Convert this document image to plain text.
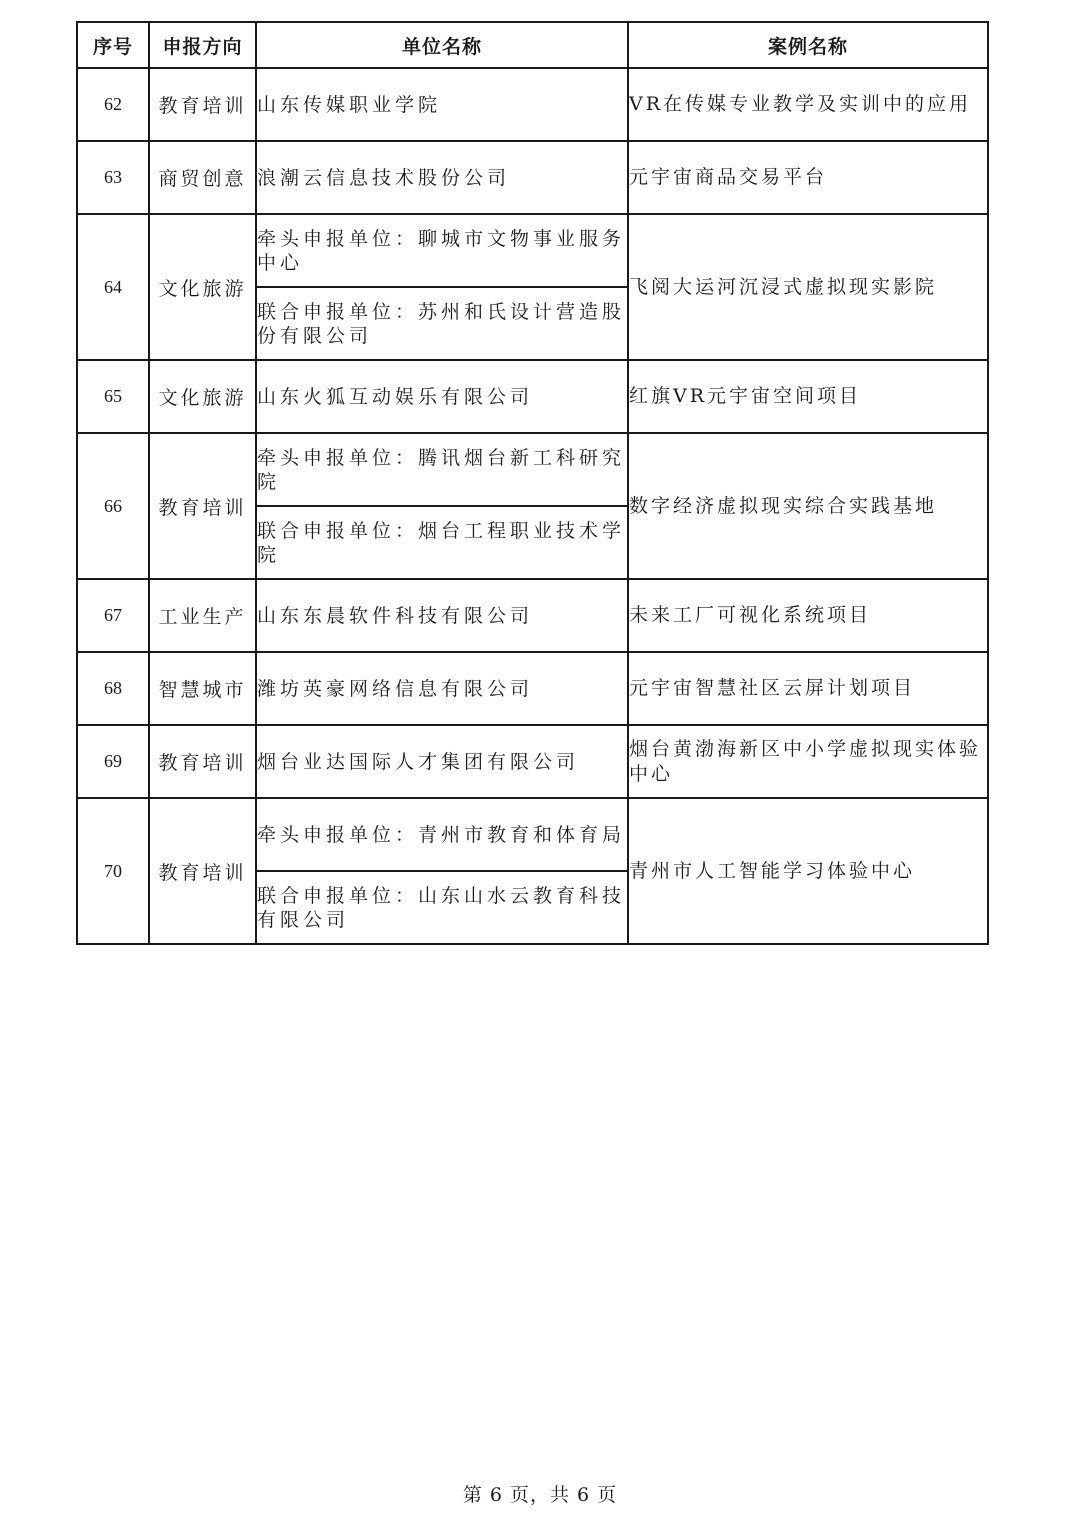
序号	申报方向	单位名称	案例名称
62	教育培训	山东传媒职业学院	VR在传媒专业教学及实训中的应用
63	商贸创意	浪潮云信息技术股份公司	元宇宙商品交易平台
64	文化旅游	牵头申报单位：聊城市文物事业服务中心	飞阅大运河沉浸式虚拟现实影院
		联合申报单位：苏州和氏设计营造股份有限公司	
65	文化旅游	山东火狐互动娱乐有限公司	红旗VR元宇宙空间项目
66	教育培训	牵头申报单位：腾讯烟台新工科研究院	数字经济虚拟现实综合实践基地
		联合申报单位：烟台工程职业技术学院	
67	工业生产	山东东晨软件科技有限公司	未来工厂可视化系统项目
68	智慧城市	潍坊英豪网络信息有限公司	元宇宙智慧社区云屏计划项目
69	教育培训	烟台业达国际人才集团有限公司	烟台黄渤海新区中小学虚拟现实体验中心
70	教育培训	牵头申报单位：青州市教育和体育局	青州市人工智能学习体验中心
		联合申报单位：山东山水云教育科技有限公司	
第 6 页，共 6 页
